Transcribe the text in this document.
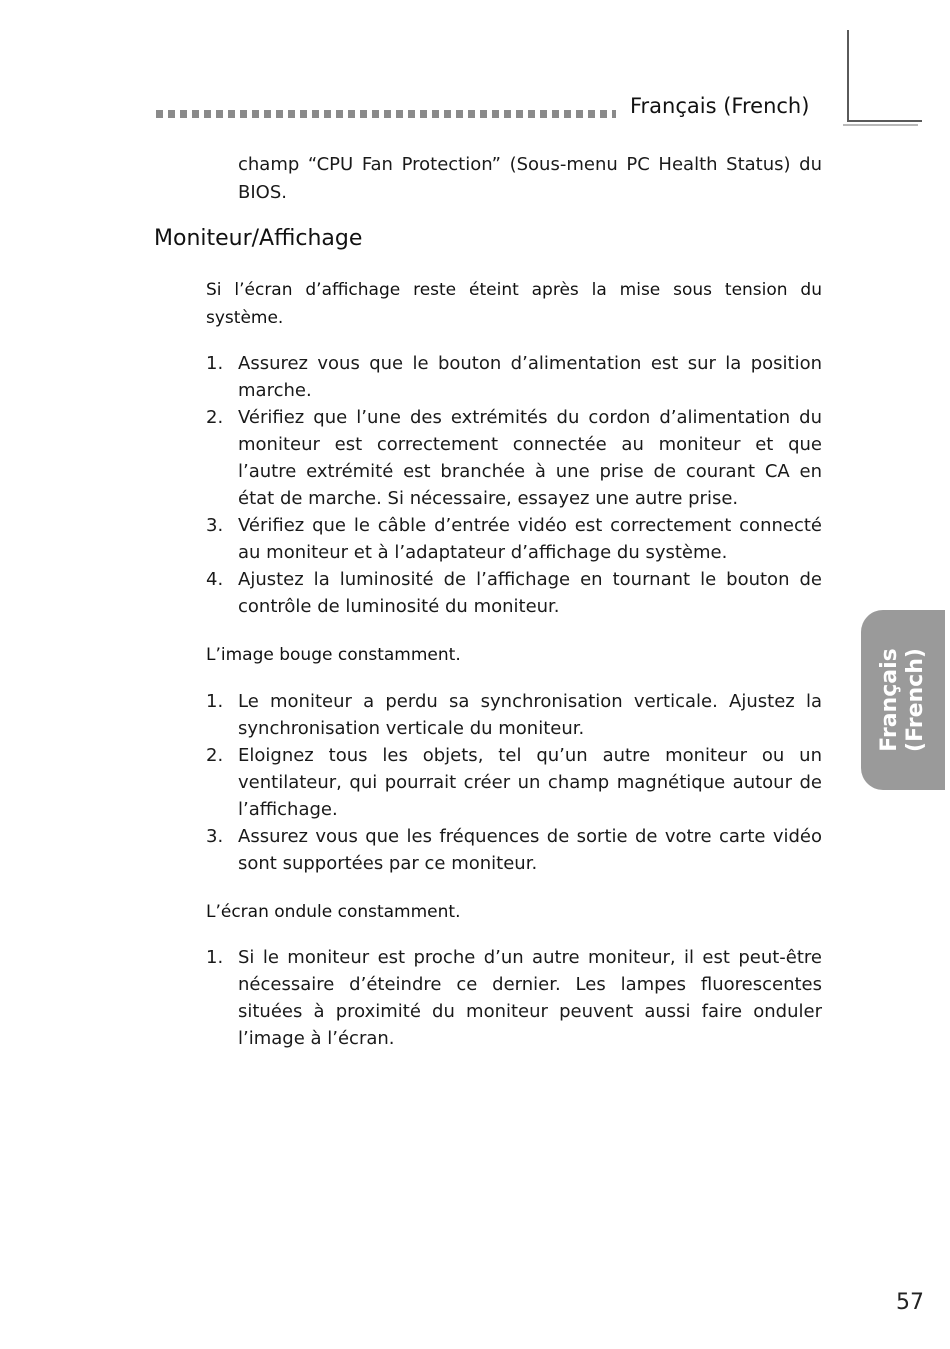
Français (French)
champ “CPU Fan Protection” (Sous-menu PC Health Status) du BIOS.
Moniteur/Affichage
Si l’écran d’affichage reste éteint après la mise sous tension du système.
1. Assurez vous que le bouton d’alimentation est sur la position marche.
2. Vérifiez que l’une des extrémités du cordon d’alimentation du moniteur est correctement connectée au moniteur et que l’autre extrémité est branchée à une prise de courant CA en état de marche. Si nécessaire, essayez une autre prise.
3. Vérifiez que le câble d’entrée vidéo est correctement connecté au moniteur et à l’adaptateur d’affichage du système.
4. Ajustez la luminosité de l’affichage en tournant le bouton de contrôle de luminosité du moniteur.
L’image bouge constamment.
1. Le moniteur a perdu sa synchronisation verticale. Ajustez la synchronisation verticale du moniteur.
2. Eloignez tous les objets, tel qu’un autre moniteur ou un ventilateur, qui pourrait créer un champ magnétique autour de l’affichage.
3. Assurez vous que les fréquences de sortie de votre carte vidéo sont supportées par ce moniteur.
L’écran ondule constamment.
1. Si le moniteur est proche d’un autre moniteur, il est peut-être nécessaire d’éteindre ce dernier. Les lampes fluorescentes situées à proximité du moniteur peuvent aussi faire onduler l’image à l’écran.
Français (French)
57
